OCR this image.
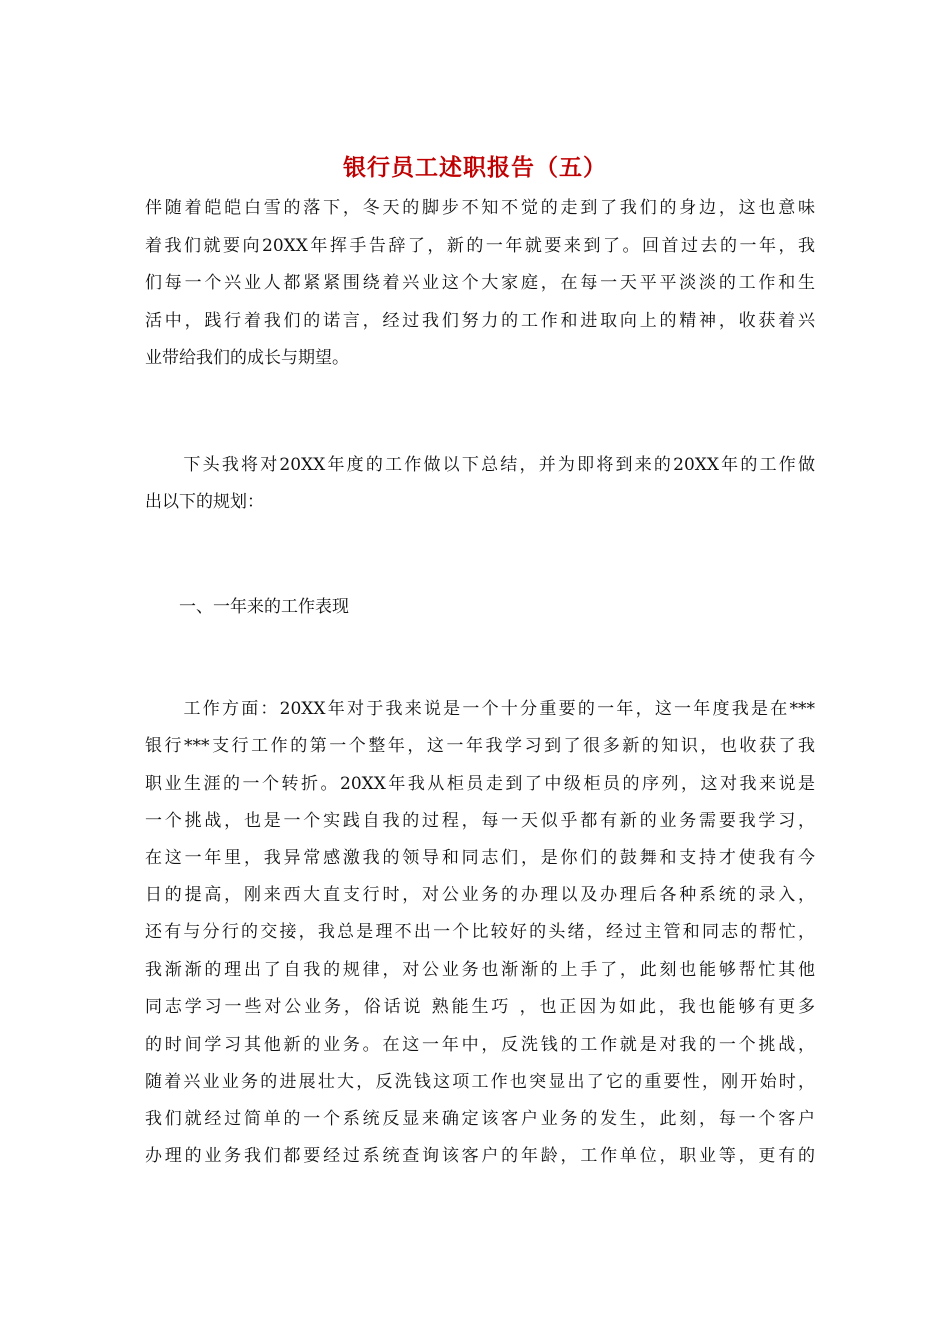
银行员工述职报告（五）
伴随着皑皑白雪的落下，冬天的脚步不知不觉的走到了我们的身边，这也意味
着我们就要向20XX年挥手告辞了，新的一年就要来到了。回首过去的一年，我
们每一个兴业人都紧紧围绕着兴业这个大家庭，在每一天平平淡淡的工作和生
活中，践行着我们的诺言，经过我们努力的工作和进取向上的精神，收获着兴
业带给我们的成长与期望。
　　下头我将对20XX年度的工作做以下总结，并为即将到来的20XX年的工作做
出以下的规划：
　　一、一年来的工作表现
　　工作方面：20XX年对于我来说是一个十分重要的一年，这一年度我是在***
银行***支行工作的第一个整年，这一年我学习到了很多新的知识，也收获了我
职业生涯的一个转折。20XX年我从柜员走到了中级柜员的序列，这对我来说是
一个挑战，也是一个实践自我的过程，每一天似乎都有新的业务需要我学习，
在这一年里，我异常感激我的领导和同志们，是你们的鼓舞和支持才使我有今
日的提高，刚来西大直支行时，对公业务的办理以及办理后各种系统的录入，
还有与分行的交接，我总是理不出一个比较好的头绪，经过主管和同志的帮忙，
我渐渐的理出了自我的规律，对公业务也渐渐的上手了，此刻也能够帮忙其他
同志学习一些对公业务，俗话说 熟能生巧 ，也正因为如此，我也能够有更多
的时间学习其他新的业务。在这一年中，反洗钱的工作就是对我的一个挑战，
随着兴业业务的进展壮大，反洗钱这项工作也突显出了它的重要性，刚开始时，
我们就经过简单的一个系统反显来确定该客户业务的发生，此刻，每一个客户
办理的业务我们都要经过系统查询该客户的年龄，工作单位，职业等，更有的
